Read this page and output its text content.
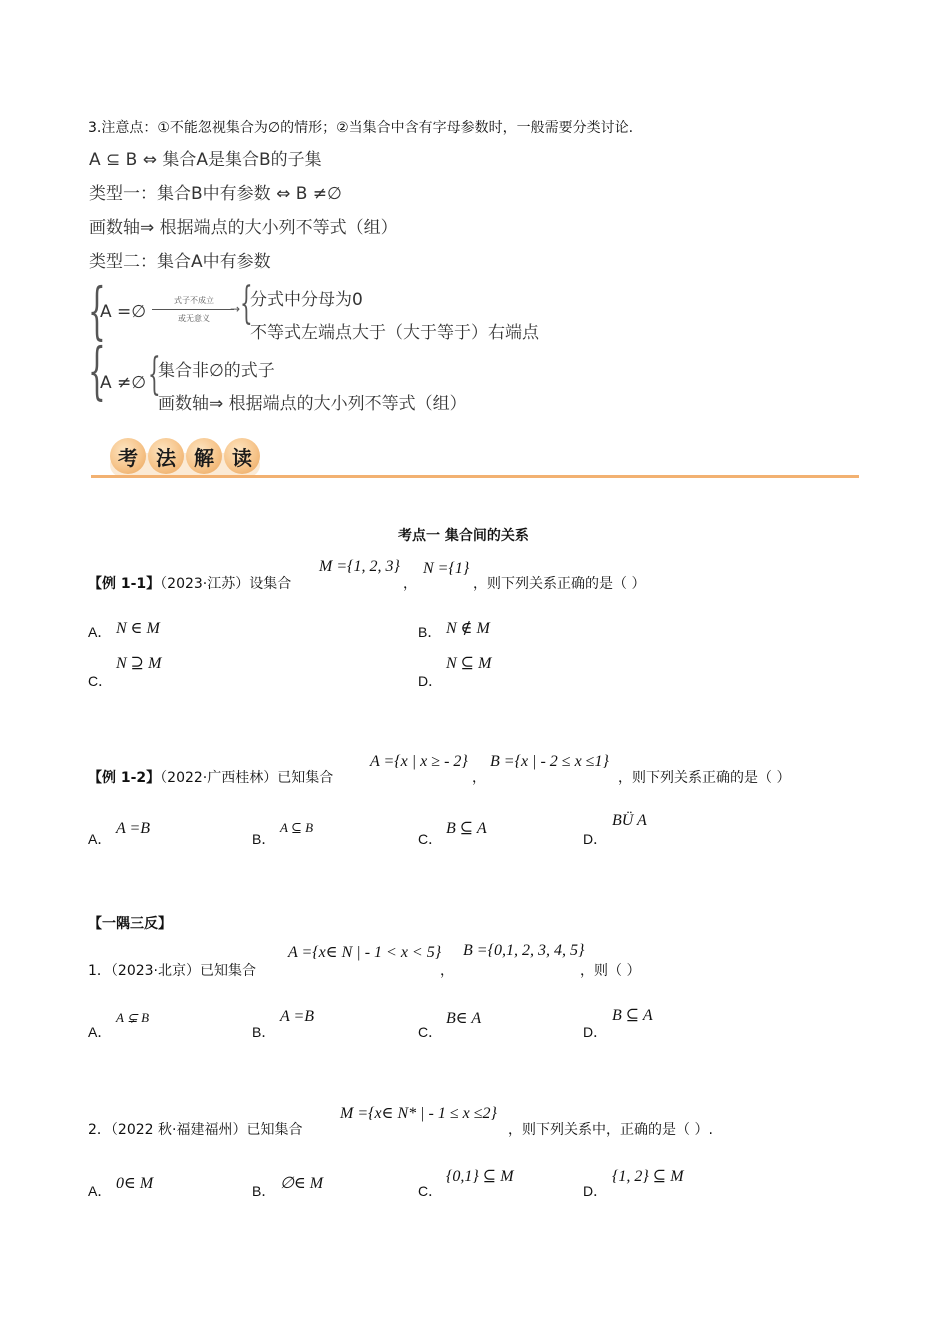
3.注意点：①不能忽视集合为∅的情形；②当集合中含有字母参数时，一般需要分类讨论.
A ⊆ B ⇔ 集合A是集合B的子集
类型一：集合B中有参数 ⇔ B ≠∅
画数轴⇒ 根据端点的大小列不等式（组）
类型二：集合A中有参数
{
{
A =∅
式子不成立
→
或无意义 {
分式中分母为0
不等式左端点大于（大于等于）右端点
A ≠∅ {
集合非∅的式子
画数轴⇒ 根据端点的大小列不等式（组）
考 法 解 读
考点一 集合间的关系
【例 1-1】（2023·江苏）设集合
M ={1, 2, 3}
，
N ={1}
，则下列关系正确的是（ ）
A． N ∈ M	B． N ∉ M
C．
N ⊇ M
D．
N ⊆ M
【例 1-2】（2022·广西桂林）已知集合
A ={x | x ≥ - 2}
，
B ={x | - 2 ≤ x ≤1}
，则下列关系正确的是（ ）
A．
A =B
B．
A ⊆ B
C．
B ⊆ A
D．
BÜ A
【一隅三反】
1．（2023·北京）已知集合
A ={x∈ N | - 1 < x < 5}
，
B ={0,1, 2, 3, 4, 5}
，则（ ）
A．
A ⊊ B
B．
A =B
C．
B∈ A
D．
B ⊆ A
2．（2022 秋·福建福州）已知集合
M ={x∈ N* | - 1 ≤ x ≤2}
，则下列关系中，正确的是（ ）.
A． 0∈ M	B． ∅∈ M	C．
{0,1} ⊆ M
D．
{1, 2} ⊆ M
